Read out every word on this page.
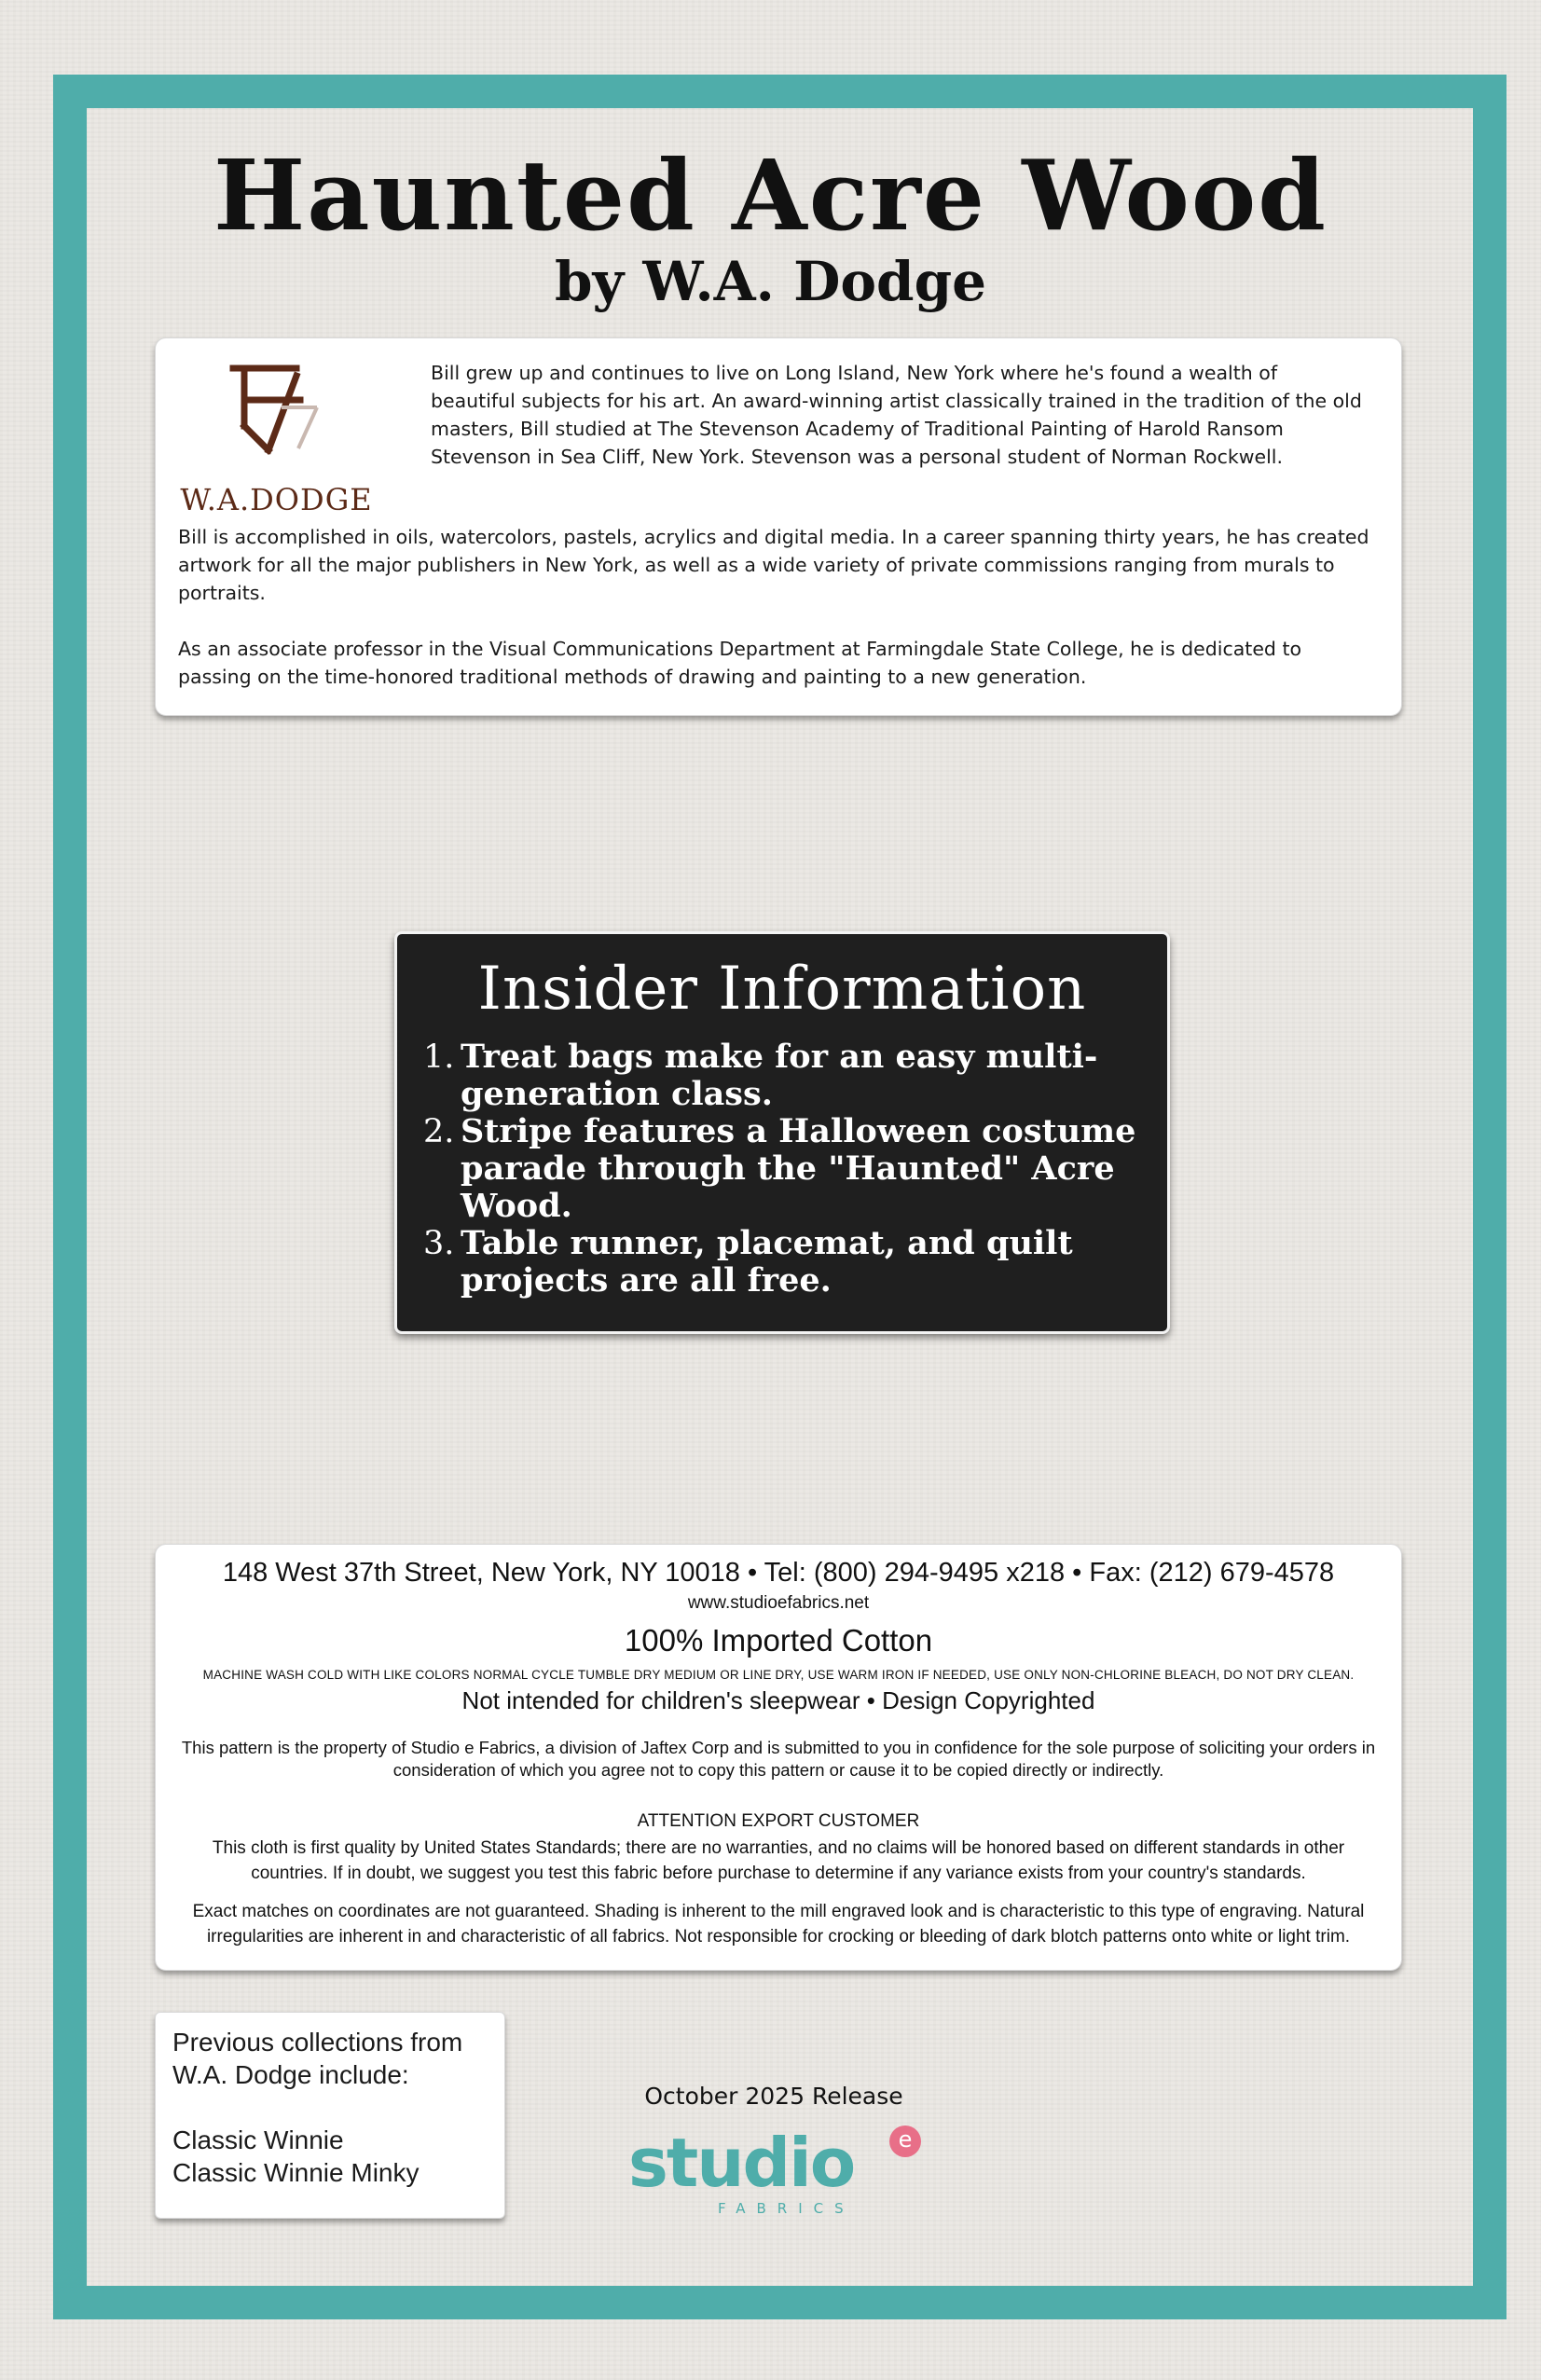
Haunted Acre Wood
by W.A. Dodge
W.A.DODGE

Bill grew up and continues to live on Long Island, New York where he's found a wealth of beautiful subjects for his art. An award-winning artist classically trained in the tradition of the old masters, Bill studied at The Stevenson Academy of Traditional Painting of Harold Ransom Stevenson in Sea Cliff, New York. Stevenson was a personal student of Norman Rockwell.

Bill is accomplished in oils, watercolors, pastels, acrylics and digital media. In a career spanning thirty years, he has created artwork for all the major publishers in New York, as well as a wide variety of private commissions ranging from murals to portraits.

As an associate professor in the Visual Communications Department at Farmingdale State College, he is dedicated to passing on the time-honored traditional methods of drawing and painting to a new generation.

Insider Information
1. Treat bags make for an easy multi-generation class.
2. Stripe features a Halloween costume parade through the "Haunted" Acre Wood.
3. Table runner, placemat, and quilt projects are all free.
148 West 37th Street, New York, NY 10018 • Tel: (800) 294-9495 x218 • Fax: (212) 679-4578
www.studioefabrics.net
100% Imported Cotton
MACHINE WASH COLD WITH LIKE COLORS NORMAL CYCLE TUMBLE DRY MEDIUM OR LINE DRY, USE WARM IRON IF NEEDED, USE ONLY NON-CHLORINE BLEACH, DO NOT DRY CLEAN.
Not intended for children's sleepwear • Design Copyrighted
This pattern is the property of Studio e Fabrics, a division of Jaftex Corp and is submitted to you in confidence for the sole purpose of soliciting your orders in consideration of which you agree not to copy this pattern or cause it to be copied directly or indirectly.
ATTENTION EXPORT CUSTOMER
This cloth is first quality by United States Standards; there are no warranties, and no claims will be honored based on different standards in other countries. If in doubt, we suggest you test this fabric before purchase to determine if any variance exists from your country's standards.
Exact matches on coordinates are not guaranteed. Shading is inherent to the mill engraved look and is characteristic to this type of engraving. Natural irregularities are inherent in and characteristic of all fabrics. Not responsible for crocking or bleeding of dark blotch patterns onto white or light trim.
Previous collections from
W.A. Dodge include:
Classic Winnie
Classic Winnie Minky
October 2025 Release
studio	e
FABRICS
